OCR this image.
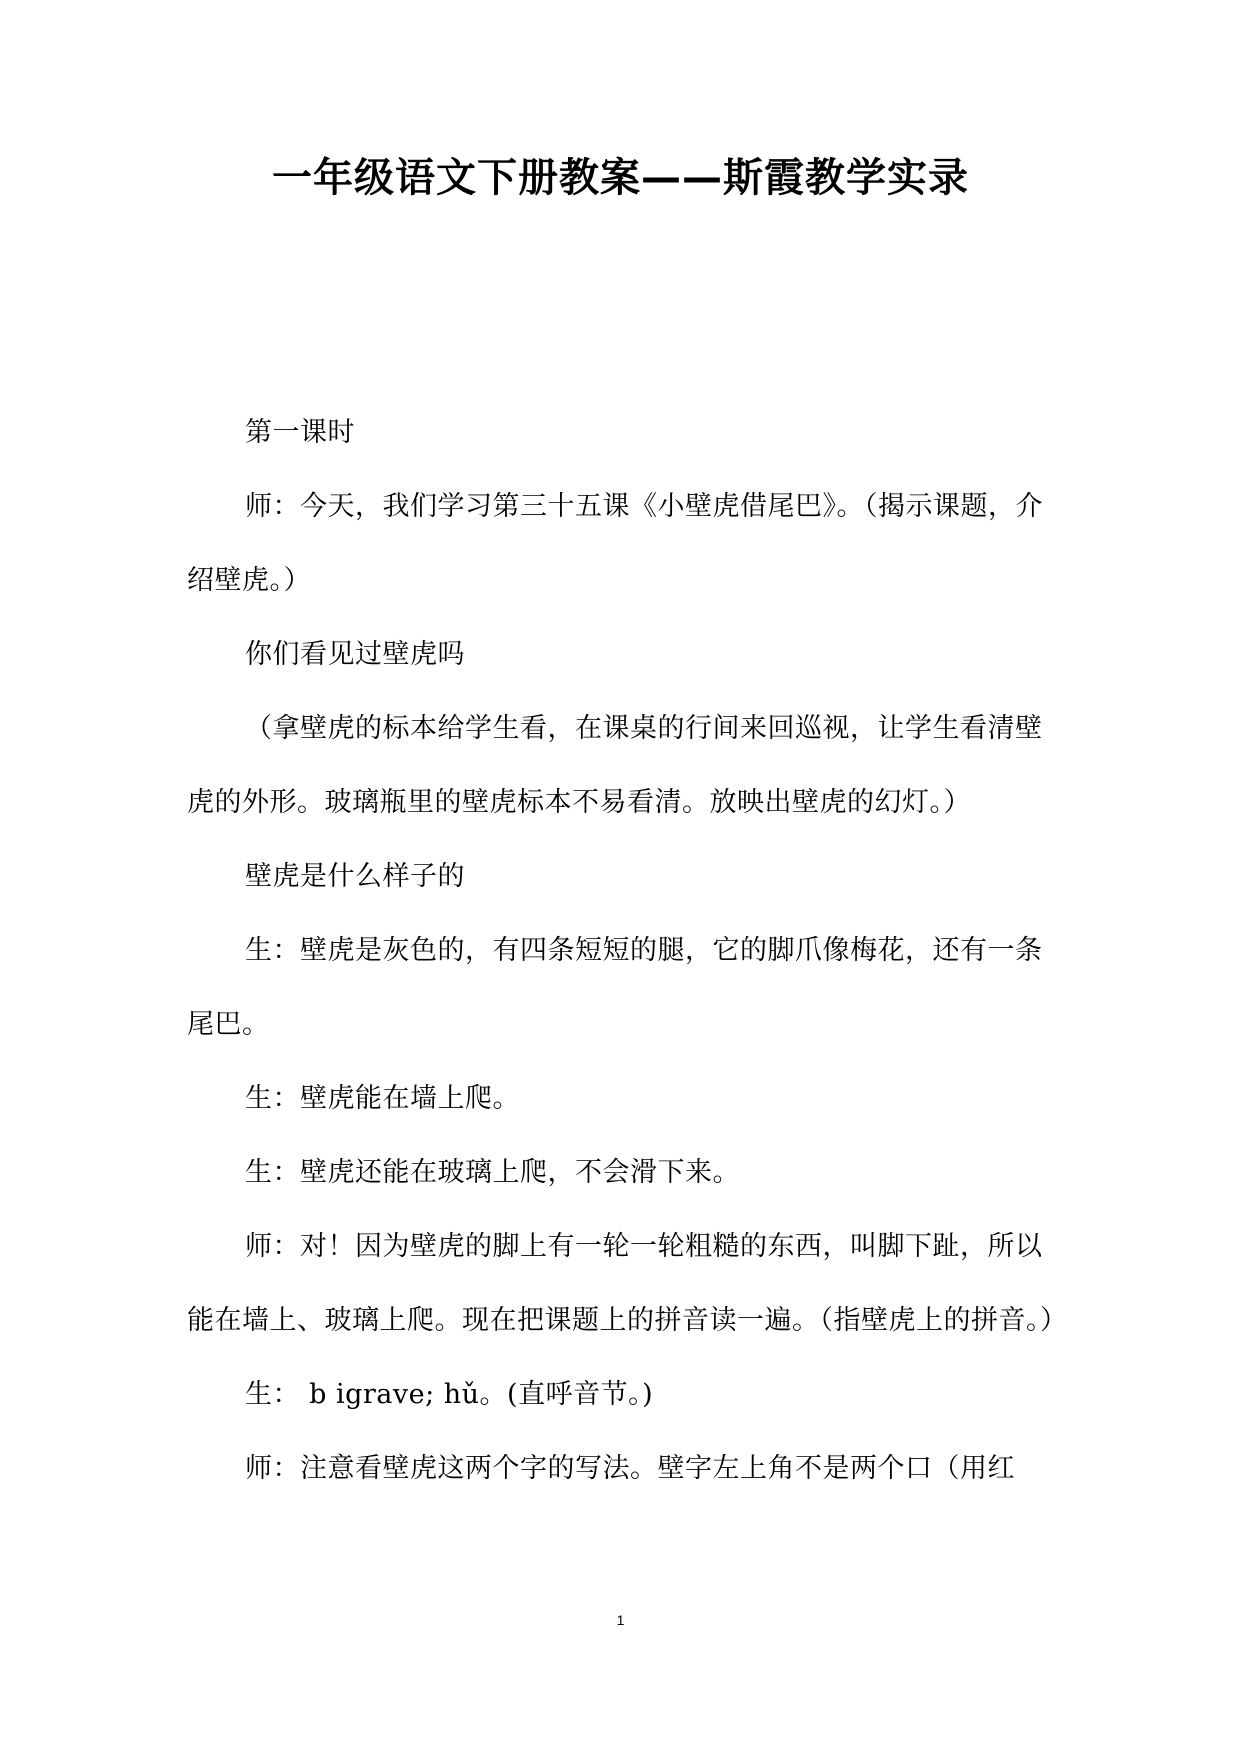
一年级语文下册教案——斯霞教学实录

第一课时

师：今天，我们学习第三十五课《小壁虎借尾巴》。（揭示课题，介绍壁虎。）

你们看见过壁虎吗

（拿壁虎的标本给学生看，在课桌的行间来回巡视，让学生看清壁虎的外形。玻璃瓶里的壁虎标本不易看清。放映出壁虎的幻灯。）

壁虎是什么样子的

生：壁虎是灰色的，有四条短短的腿，它的脚爪像梅花，还有一条尾巴。

生：壁虎能在墙上爬。

生：壁虎还能在玻璃上爬，不会滑下来。

师：对！因为壁虎的脚上有一轮一轮粗糙的东西，叫脚下趾，所以能在墙上、玻璃上爬。现在把课题上的拼音读一遍。（指壁虎上的拼音。）

生： b igrave; hǔ。(直呼音节。)

师：注意看壁虎这两个字的写法。壁字左上角不是两个口（用红

1
